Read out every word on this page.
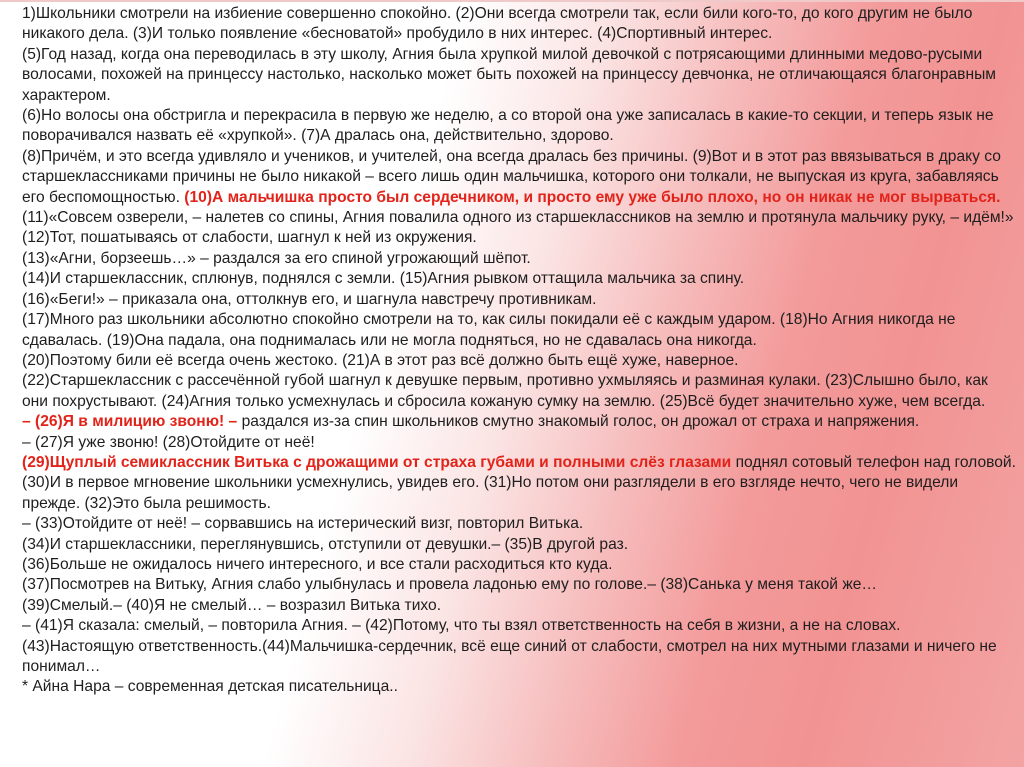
1)Школьники смотрели на избиение совершенно спокойно. (2)Они всегда смотрели так, если били кого-то, до кого другим не было никакого дела. (3)И только появление «бесноватой» пробудило в них интерес. (4)Спортивный интерес.

(5)Год назад, когда она переводилась в эту школу, Агния была хрупкой милой девочкой с потрясающими длинными медово-русыми волосами, похожей на принцессу настолько, насколько может быть похожей на принцессу девчонка, не отличающаяся благонравным характером.

(6)Но волосы она обстригла и перекрасила в первую же неделю, а со второй она уже записалась в какие-то секции, и теперь язык не поворачивался назвать её «хрупкой». (7)А дралась она, действительно, здорово.

(8)Причём, и это всегда удивляло и учеников, и учителей, она всегда дралась без причины. (9)Вот и в этот раз ввязываться в драку со старшеклассниками причины не было никакой – всего лишь один мальчишка, которого они толкали, не выпуская из круга, забавляясь его беспомощностью. (10)А мальчишка просто был сердечником, и просто ему уже было плохо, но он никак не мог вырваться.

(11)«Совсем озверели, – налетев со спины, Агния повалила одного из старшеклассников на землю и протянула мальчику руку, – идём!»

(12)Тот, пошатываясь от слабости, шагнул к ней из окружения.

(13)«Агни, борзеешь…» – раздался за его спиной угрожающий шёпот.

(14)И старшеклассник, сплюнув, поднялся с земли. (15)Агния рывком оттащила мальчика за спину.

(16)«Беги!» – приказала она, оттолкнув его, и шагнула навстречу противникам.

(17)Много раз школьники абсолютно спокойно смотрели на то, как силы покидали её с каждым ударом. (18)Но Агния никогда не сдавалась. (19)Она падала, она поднималась или не могла подняться, но не сдавалась она никогда.

(20)Поэтому били её всегда очень жестоко. (21)А в этот раз всё должно быть ещё хуже, наверное.

(22)Старшеклассник с рассечённой губой шагнул к девушке первым, противно ухмыляясь и разминая кулаки. (23)Слышно было, как они похрустывают. (24)Агния только усмехнулась и сбросила кожаную сумку на землю. (25)Всё будет значительно хуже, чем всегда.

– (26)Я в милицию звоню! – раздался из-за спин школьников смутно знакомый голос, он дрожал от страха и напряжения.

– (27)Я уже звоню! (28)Отойдите от неё!

(29)Щуплый семиклассник Витька с дрожащими от страха губами и полными слёз глазами поднял сотовый телефон над головой. (30)И в первое мгновение школьники усмехнулись, увидев его. (31)Но потом они разглядели в его взгляде нечто, чего не видели прежде. (32)Это была решимость.

– (33)Отойдите от неё! – сорвавшись на истерический визг, повторил Витька.

(34)И старшеклассники, переглянувшись, отступили от девушки.– (35)В другой раз.

(36)Больше не ожидалось ничего интересного, и все стали расходиться кто куда.

(37)Посмотрев на Витьку, Агния слабо улыбнулась и провела ладонью ему по голове.– (38)Санька у меня такой же…

(39)Смелый.– (40)Я не смелый… – возразил Витька тихо.

– (41)Я сказала: смелый, – повторила Агния. – (42)Потому, что ты взял ответственность на себя в жизни, а не на словах.

(43)Настоящую ответственность.(44)Мальчишка-сердечник, всё еще синий от слабости, смотрел на них мутными глазами и ничего не понимал…

* Айна Нара – современная детская писательница..
